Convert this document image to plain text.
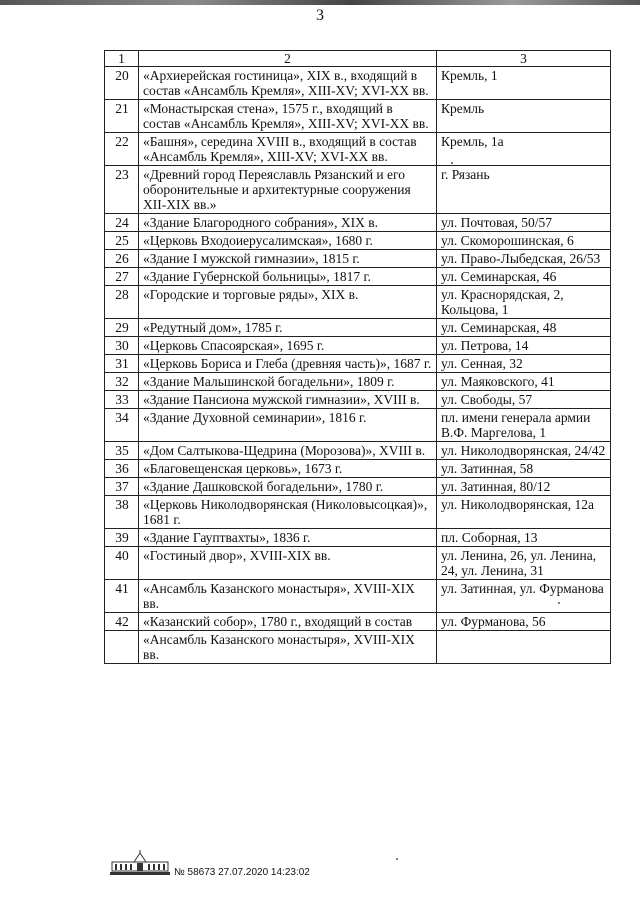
3
1	2	3
20	«Архиерейская гостиница», XIX в., входящий в состав «Ансамбль Кремля», XIII-XV; XVI-XX вв.	Кремль, 1
21	«Монастырская стена», 1575 г., входящий в состав «Ансамбль Кремля», XIII-XV; XVI-XX вв.	Кремль
22	«Башня», середина XVIII в., входящий в состав «Ансамбль Кремля», XIII-XV; XVI-XX вв.	Кремль, 1а
23	«Древний город Переяславль Рязанский и его оборонительные и архитектурные сооружения XII-XIX вв.»	г. Рязань
24	«Здание Благородного собрания», XIX в.	ул. Почтовая, 50/57
25	«Церковь Входоиерусалимская», 1680 г.	ул. Скоморошинская, 6
26	«Здание I мужской гимназии», 1815 г.	ул. Право-Лыбедская, 26/53
27	«Здание Губернской больницы», 1817 г.	ул. Семинарская, 46
28	«Городские и торговые ряды», XIX в.	ул. Краснорядская, 2, Кольцова, 1
29	«Редутный дом», 1785 г.	ул. Семинарская, 48
30	«Церковь Спасоярская», 1695 г.	ул. Петрова, 14
31	«Церковь Бориса и Глеба (древняя часть)», 1687 г.	ул. Сенная, 32
32	«Здание Мальшинской богадельни», 1809 г.	ул. Маяковского, 41
33	«Здание Пансиона мужской гимназии», XVIII в.	ул. Свободы, 57
34	«Здание Духовной семинарии», 1816 г.	пл. имени генерала армии В.Ф. Маргелова, 1
35	«Дом Салтыкова-Щедрина (Морозова)», XVIII в.	ул. Николодворянская, 24/42
36	«Благовещенская церковь», 1673 г.	ул. Затинная, 58
37	«Здание Дашковской богадельни», 1780 г.	ул. Затинная, 80/12
38	«Церковь Николодворянская (Николовысоцкая)», 1681 г.	ул. Николодворянская, 12а
39	«Здание Гауптвахты», 1836 г.	пл. Соборная, 13
40	«Гостиный двор», XVIII-XIX вв.	ул. Ленина, 26, ул. Ленина, 24, ул. Ленина, 31
41	«Ансамбль Казанского монастыря», XVIII-XIX вв.	ул. Затинная, ул. Фурманова
42	«Казанский собор», 1780 г., входящий в состав	ул. Фурманова, 56
	«Ансамбль Казанского монастыря», XVIII-XIX вв.	
№ 58673 27.07.2020 14:23:02
